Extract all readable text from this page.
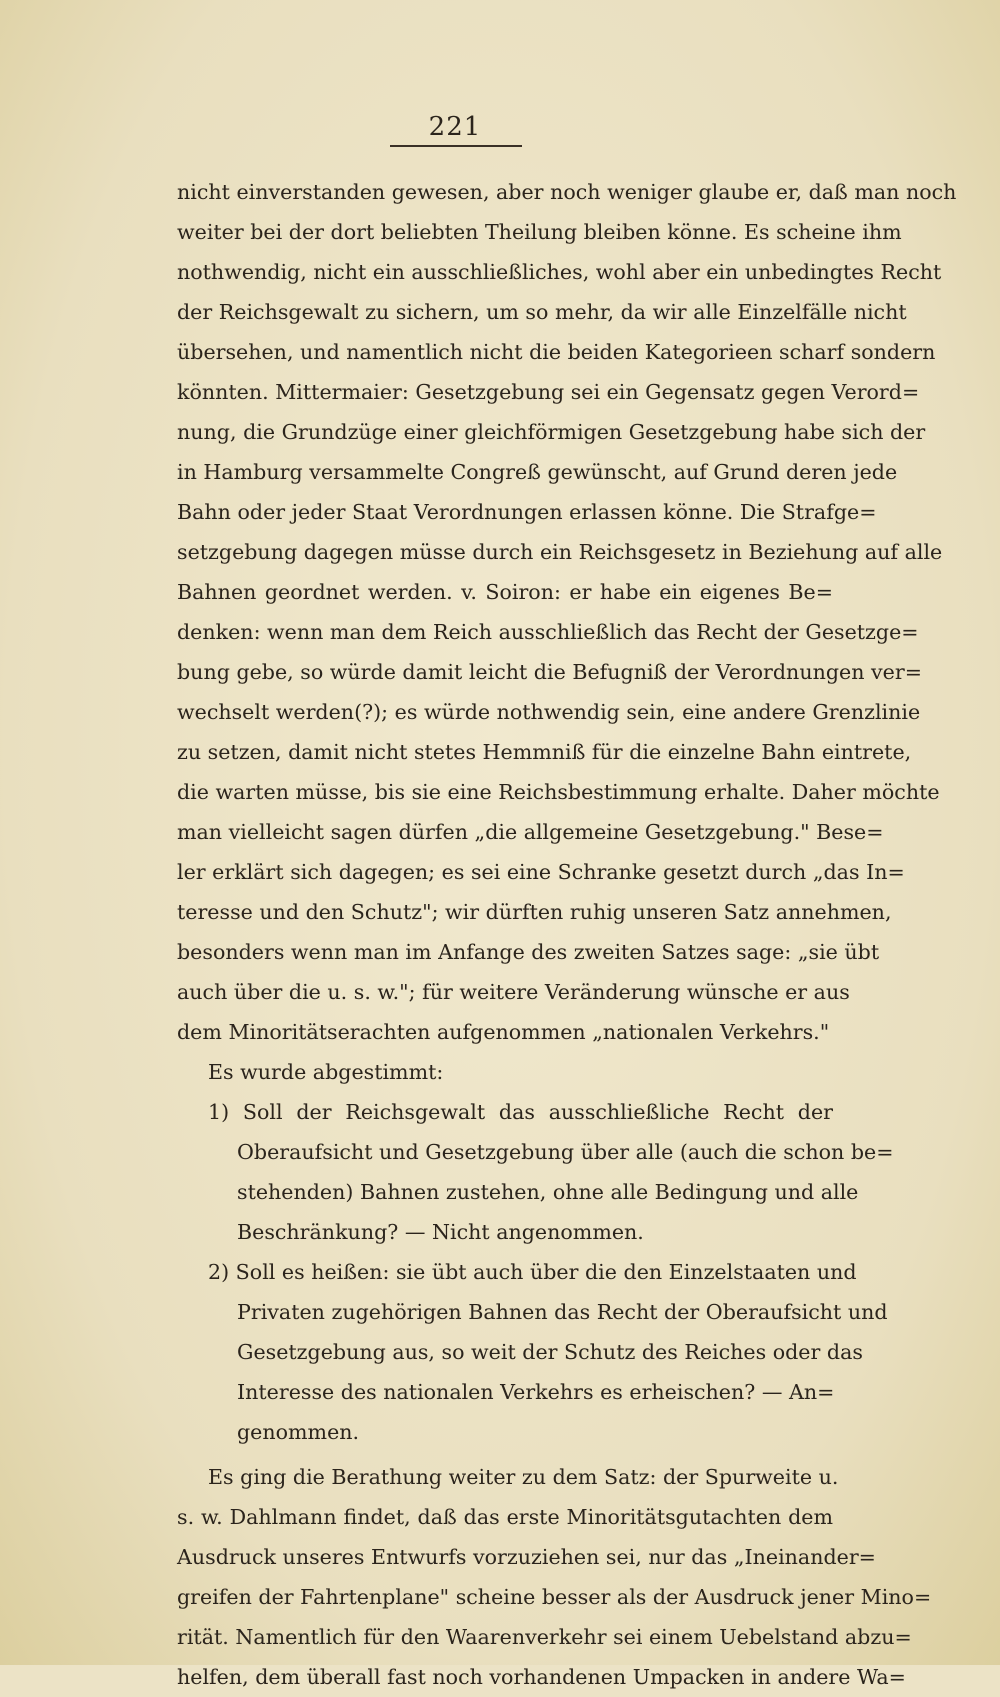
221
nicht einverstanden gewesen, aber noch weniger glaube er, daß man noch
weiter bei der dort beliebten Theilung bleiben könne. Es scheine ihm
nothwendig, nicht ein ausschließliches, wohl aber ein unbedingtes Recht
der Reichsgewalt zu sichern, um so mehr, da wir alle Einzelfälle nicht
übersehen, und namentlich nicht die beiden Kategorieen scharf sondern
könnten. Mittermaier: Gesetzgebung sei ein Gegensatz gegen Verord=
nung, die Grundzüge einer gleichförmigen Gesetzgebung habe sich der
in Hamburg versammelte Congreß gewünscht, auf Grund deren jede
Bahn oder jeder Staat Verordnungen erlassen könne. Die Strafge=
setzgebung dagegen müsse durch ein Reichsgesetz in Beziehung auf alle
Bahnen geordnet werden. v. Soiron: er habe ein eigenes Be=
denken: wenn man dem Reich ausschließlich das Recht der Gesetzge=
bung gebe, so würde damit leicht die Befugniß der Verordnungen ver=
wechselt werden(?); es würde nothwendig sein, eine andere Grenzlinie
zu setzen, damit nicht stetes Hemmniß für die einzelne Bahn eintrete,
die warten müsse, bis sie eine Reichsbestimmung erhalte. Daher möchte
man vielleicht sagen dürfen „die allgemeine Gesetzgebung." Bese=
ler erklärt sich dagegen; es sei eine Schranke gesetzt durch „das In=
teresse und den Schutz"; wir dürften ruhig unseren Satz annehmen,
besonders wenn man im Anfange des zweiten Satzes sage: „sie übt
auch über die u. s. w."; für weitere Veränderung wünsche er aus
dem Minoritätserachten aufgenommen „nationalen Verkehrs."
Es wurde abgestimmt:
1) Soll der Reichsgewalt das ausschließliche Recht der
Oberaufsicht und Gesetzgebung über alle (auch die schon be=
stehenden) Bahnen zustehen, ohne alle Bedingung und alle
Beschränkung? — Nicht angenommen.
2) Soll es heißen: sie übt auch über die den Einzelstaaten und
Privaten zugehörigen Bahnen das Recht der Oberaufsicht und
Gesetzgebung aus, so weit der Schutz des Reiches oder das
Interesse des nationalen Verkehrs es erheischen? — An=
genommen.
Es ging die Berathung weiter zu dem Satz: der Spurweite u.
s. w. Dahlmann findet, daß das erste Minoritätsgutachten dem
Ausdruck unseres Entwurfs vorzuziehen sei, nur das „Ineinander=
greifen der Fahrtenplane" scheine besser als der Ausdruck jener Mino=
rität. Namentlich für den Waarenverkehr sei einem Uebelstand abzu=
helfen, dem überall fast noch vorhandenen Umpacken in andere Wa=
